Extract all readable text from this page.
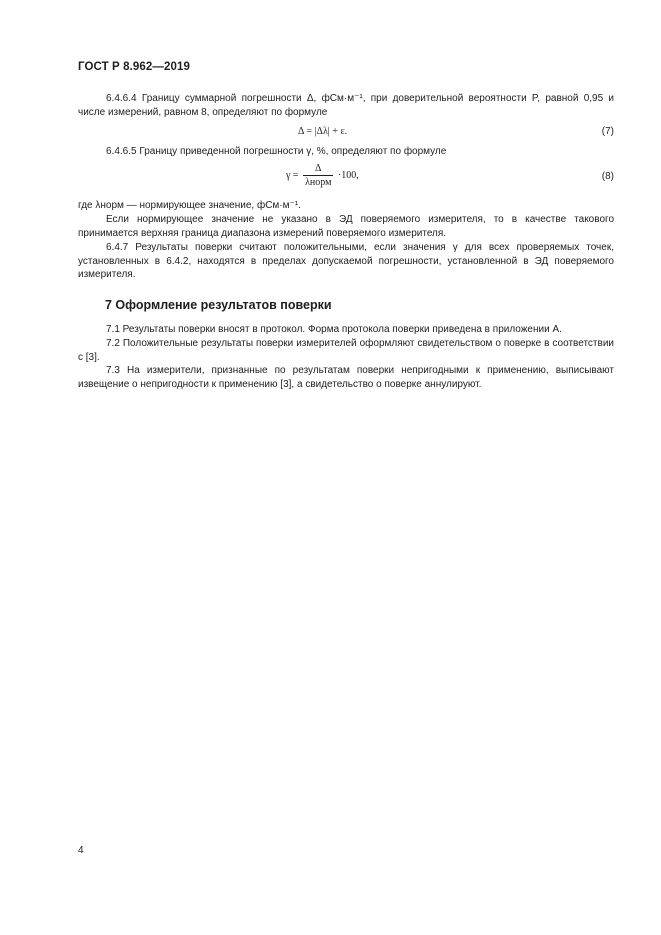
ГОСТ Р 8.962—2019
6.4.6.4 Границу суммарной погрешности Δ, фСм·м⁻¹, при доверительной вероятности P, равной 0,95 и числе измерений, равном 8, определяют по формуле
Δ = |Δλ| + ε.	(7)
6.4.6.5 Границу приведенной погрешности γ, %, определяют по формуле
$\gamma = \frac{\Delta}{\text{λнорм}} \cdot 100$,	(8)
где λнорм — нормирующее значение, фСм·м⁻¹.
Если нормирующее значение не указано в ЭД поверяемого измерителя, то в качестве такового принимается верхняя граница диапазона измерений поверяемого измерителя.
6.4.7 Результаты поверки считают положительными, если значения γ для всех проверяемых точек, установленных в 6.4.2, находятся в пределах допускаемой погрешности, установленной в ЭД поверяемого измерителя.
7 Оформление результатов поверки
7.1 Результаты поверки вносят в протокол. Форма протокола поверки приведена в приложении А.
7.2 Положительные результаты поверки измерителей оформляют свидетельством о поверке в соответствии с [3].
7.3 На измерители, признанные по результатам поверки непригодными к применению, выписывают извещение о непригодности к применению [3], а свидетельство о поверке аннулируют.
4
